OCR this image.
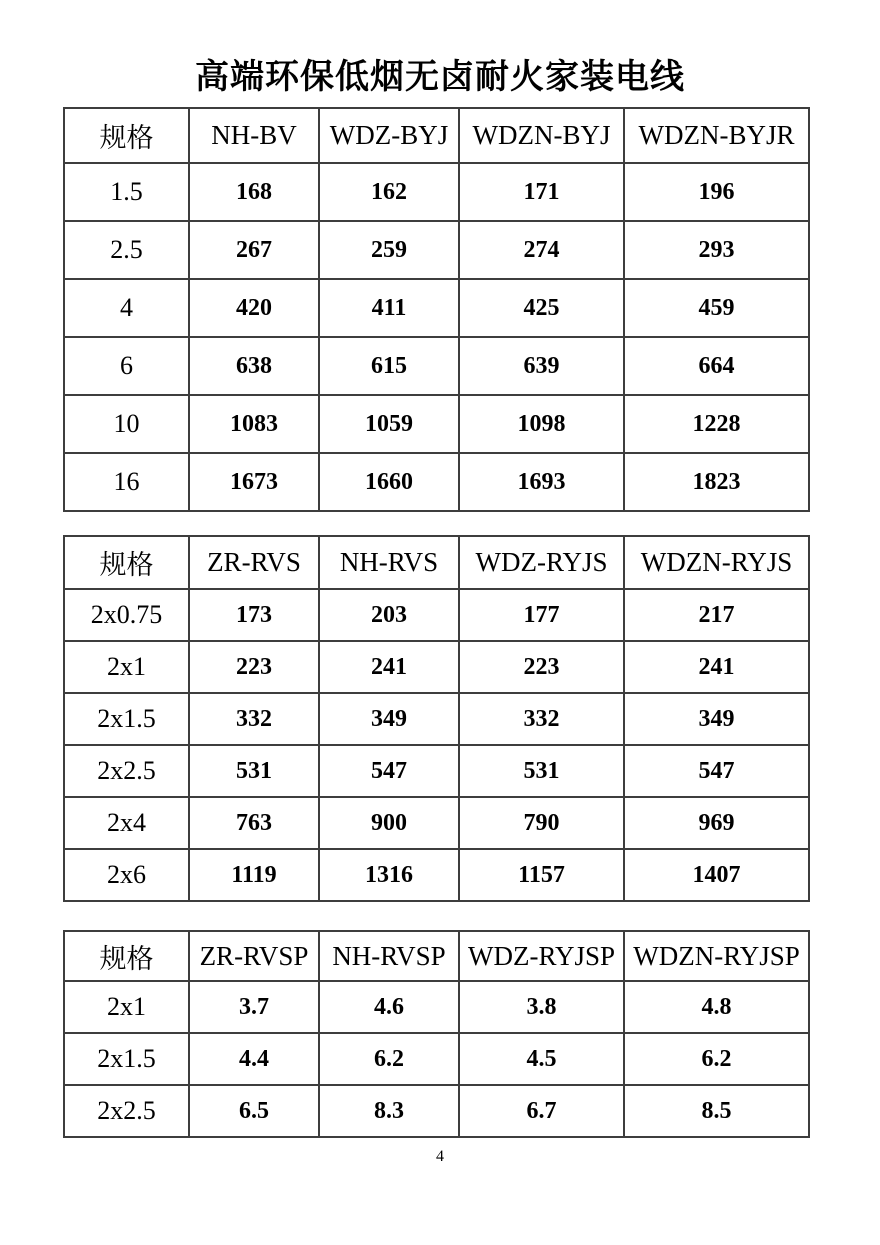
高端环保低烟无卤耐火家装电线
规格	NH-BV	WDZ-BYJ	WDZN-BYJ	WDZN-BYJR
1.5	168	162	171	196
2.5	267	259	274	293
4	420	411	425	459
6	638	615	639	664
10	1083	1059	1098	1228
16	1673	1660	1693	1823
规格	ZR-RVS	NH-RVS	WDZ-RYJS	WDZN-RYJS
2x0.75	173	203	177	217
2x1	223	241	223	241
2x1.5	332	349	332	349
2x2.5	531	547	531	547
2x4	763	900	790	969
2x6	1119	1316	1157	1407
规格	ZR-RVSP	NH-RVSP	WDZ-RYJSP	WDZN-RYJSP
2x1	3.7	4.6	3.8	4.8
2x1.5	4.4	6.2	4.5	6.2
2x2.5	6.5	8.3	6.7	8.5
4
